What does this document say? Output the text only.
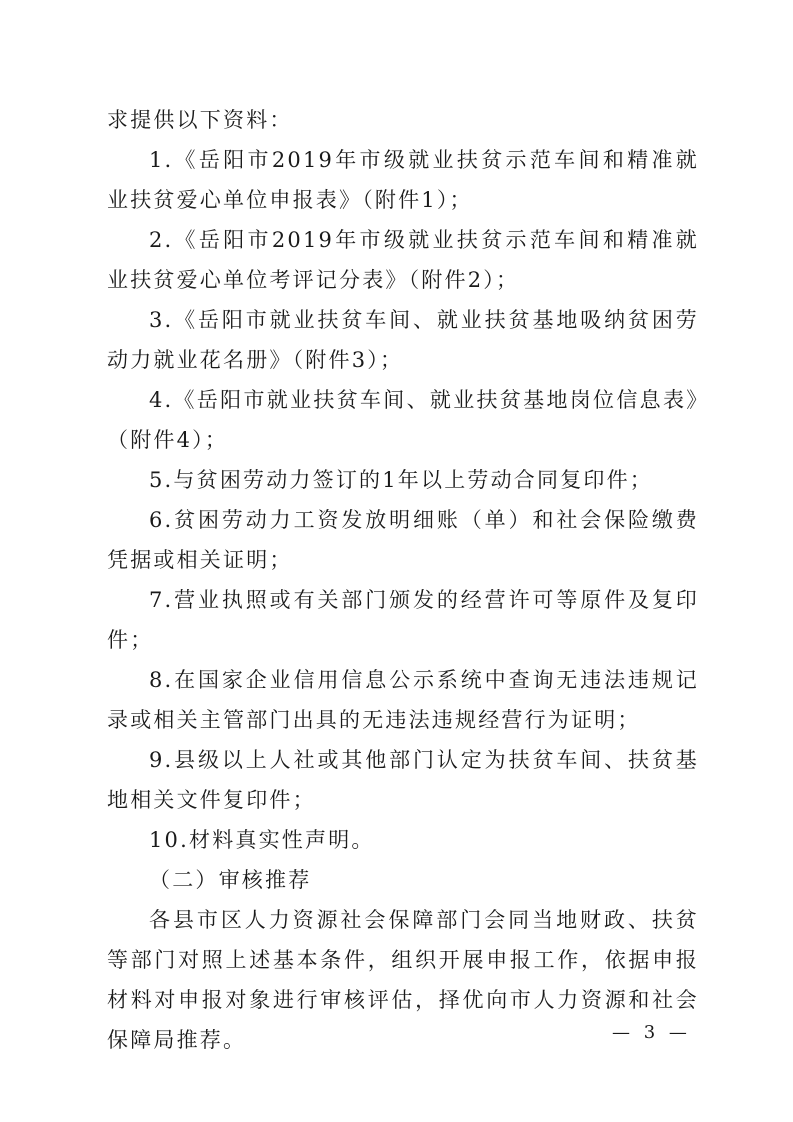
求提供以下资料：

1.《岳阳市2019年市级就业扶贫示范车间和精准就业扶贫爱心单位申报表》（附件1）；

2.《岳阳市2019年市级就业扶贫示范车间和精准就业扶贫爱心单位考评记分表》（附件2）；

3.《岳阳市就业扶贫车间、就业扶贫基地吸纳贫困劳动力就业花名册》（附件3）；

4.《岳阳市就业扶贫车间、就业扶贫基地岗位信息表》（附件4）；

5.与贫困劳动力签订的1年以上劳动合同复印件；

6.贫困劳动力工资发放明细账（单）和社会保险缴费凭据或相关证明；

7.营业执照或有关部门颁发的经营许可等原件及复印件；

8.在国家企业信用信息公示系统中查询无违法违规记录或相关主管部门出具的无违法违规经营行为证明；

9.县级以上人社或其他部门认定为扶贫车间、扶贫基地相关文件复印件；

10.材料真实性声明。

（二）审核推荐

各县市区人力资源社会保障部门会同当地财政、扶贫等部门对照上述基本条件，组织开展申报工作，依据申报材料对申报对象进行审核评估，择优向市人力资源和社会保障局推荐。	— 3 —
